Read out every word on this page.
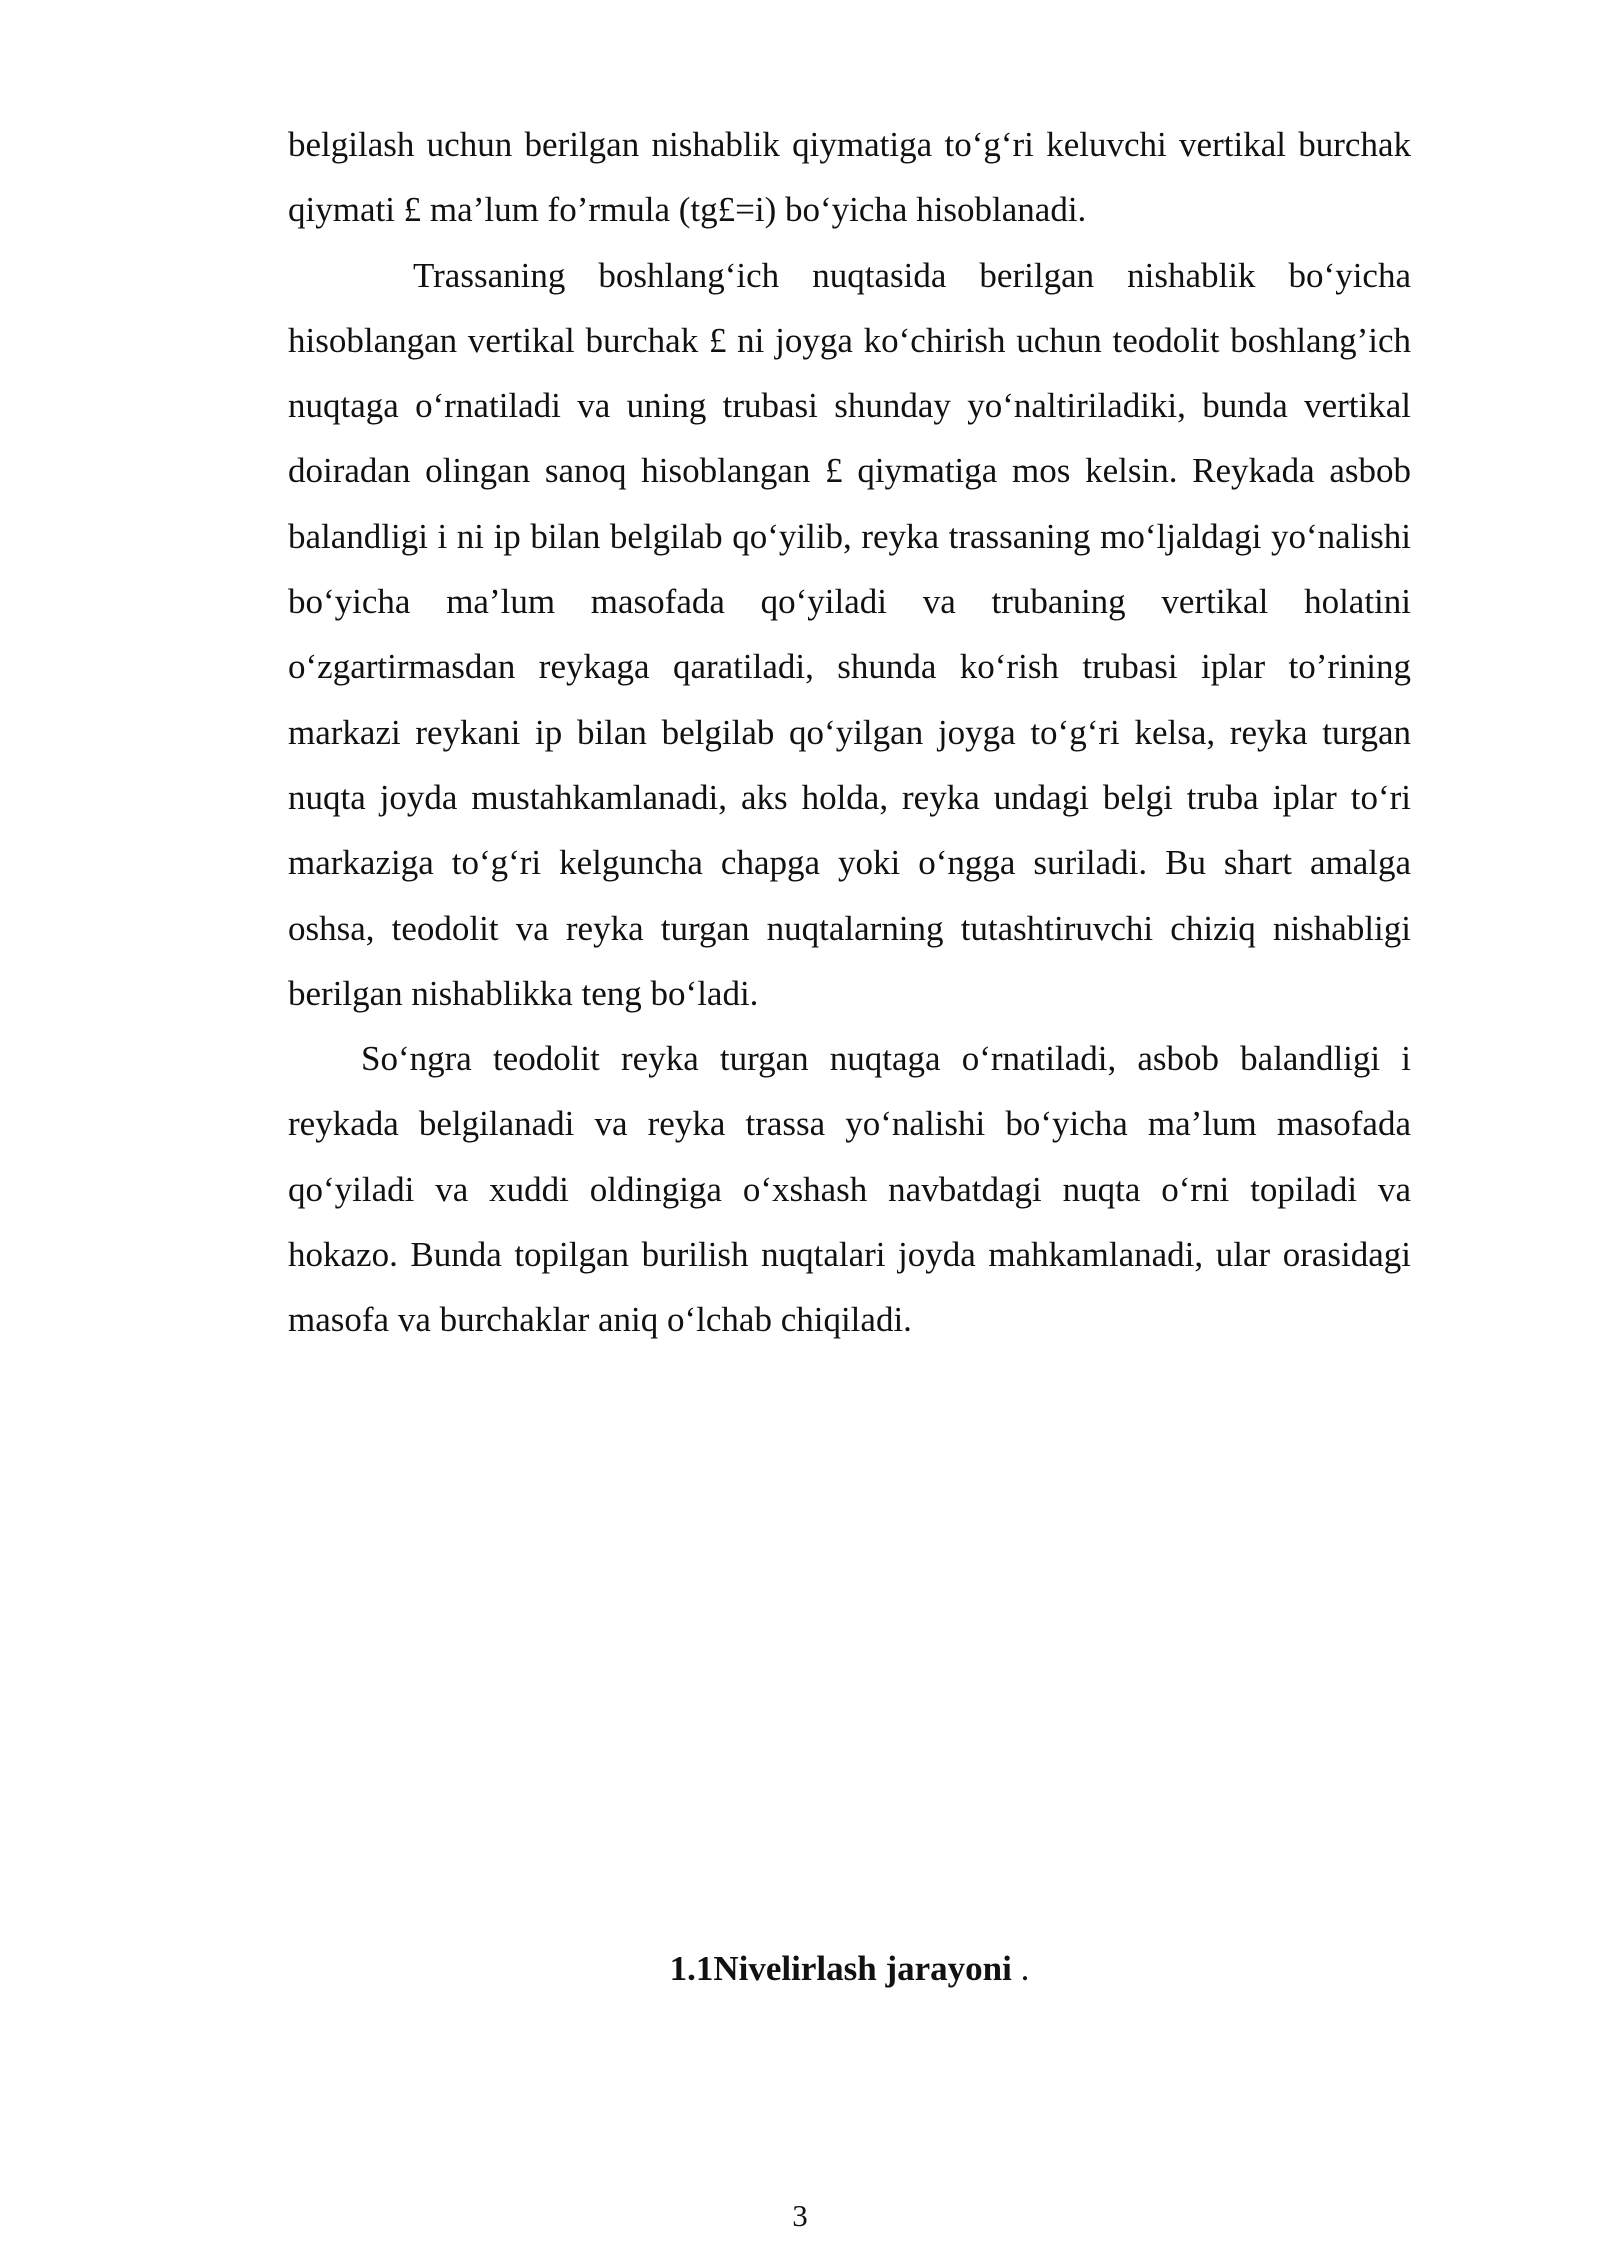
belgilash uchun berilgan nishablik qiymatiga to‘g‘ri keluvchi vertikal burchak qiymati £ ma’lum fo’rmula (tg£=i) bo‘yicha hisoblanadi.

Trassaning boshlang‘ich nuqtasida berilgan nishablik bo‘yicha hisoblangan vertikal burchak £ ni joyga ko‘chirish uchun teodolit boshlang’ich nuqtaga o‘rnatiladi va uning trubasi shunday yo‘naltiriladiki, bunda vertikal doiradan olingan sanoq hisoblangan £ qiymatiga mos kelsin. Reykada asbob balandligi i ni ip bilan belgilab qo‘yilib, reyka trassaning mo‘ljaldagi yo‘nalishi bo‘yicha ma’lum masofada qo‘yiladi va trubaning vertikal holatini o‘zgartirmasdan reykaga qaratiladi, shunda ko‘rish trubasi iplar to’rining markazi reykani ip bilan belgilab qo‘yilgan joyga to‘g‘ri kelsa, reyka turgan nuqta joyda mustahkamlanadi, aks holda, reyka undagi belgi truba iplar to‘ri markaziga to‘g‘ri kelguncha chapga yoki o‘ngga suriladi. Bu shart amalga oshsa, teodolit va reyka turgan nuqtalarning tutashtiruvchi chiziq nishabligi berilgan nishablikka teng bo‘ladi.

So‘ngra teodolit reyka turgan nuqtaga o‘rnatiladi, asbob balandligi i reykada belgilanadi va reyka trassa yo‘nalishi bo‘yicha ma’lum masofada qo‘yiladi va xuddi oldingiga o‘xshash navbatdagi nuqta o‘rni topiladi va hokazo. Bunda topilgan burilish nuqtalari joyda mahkamlanadi, ular orasidagi masofa va burchaklar aniq o‘lchab chiqiladi.

1.1Nivelirlash jarayoni .

3
